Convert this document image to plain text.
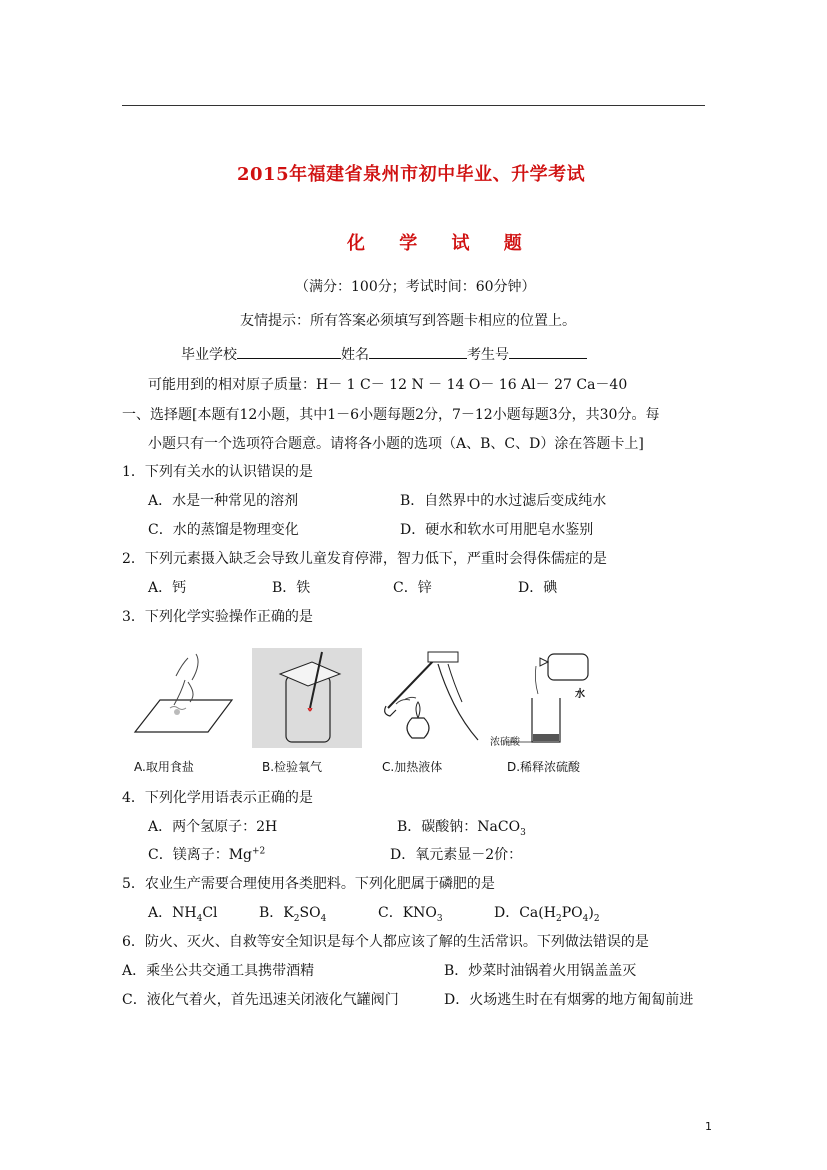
2015年福建省泉州市初中毕业、升学考试
化 学 试 题
（满分：100分；考试时间：60分钟）
友情提示：所有答案必须填写到答题卡相应的位置上。
毕业学校	姓名	考生号
可能用到的相对原子质量：H－ 1 C－ 12 N － 14 O－ 16 Al－ 27 Ca－40
一、选择题[本题有12小题，其中1－6小题每题2分，7－12小题每题3分，共30分。每
小题只有一个选项符合题意。请将各小题的选项（A、B、C、D）涂在答题卡上]
1．下列有关水的认识错误的是
A．水是一种常见的溶剂	B．自然界中的水过滤后变成纯水
C．水的蒸馏是物理变化	D．硬水和软水可用肥皂水鉴别
2．下列元素摄入缺乏会导致儿童发育停滞，智力低下，严重时会得侏儒症的是
A．钙	B．铁	C．锌	D．碘
3．下列化学实验操作正确的是
A.取用食盐	B.检验氧气	C.加热液体
水
浓硫酸
D.稀释浓硫酸
4．下列化学用语表示正确的是
A．两个氢原子：2H	B．碳酸钠：NaCO$_3$
C．镁离子：$Mg^{+2}$	D．氧元素显－2价：
5．农业生产需要合理使用各类肥料。下列化肥属于磷肥的是
A．$NH_4Cl$	B．$K_2SO_4$	C．$KNO_3$	D．$Ca(H_2PO_4)_2$
6．防火、灭火、自救等安全知识是每个人都应该了解的生活常识。下列做法错误的是
A．乘坐公共交通工具携带酒精	B．炒菜时油锅着火用锅盖盖灭
C．液化气着火，首先迅速关闭液化气罐阀门	D．火场逃生时在有烟雾的地方匍匐前进
1
